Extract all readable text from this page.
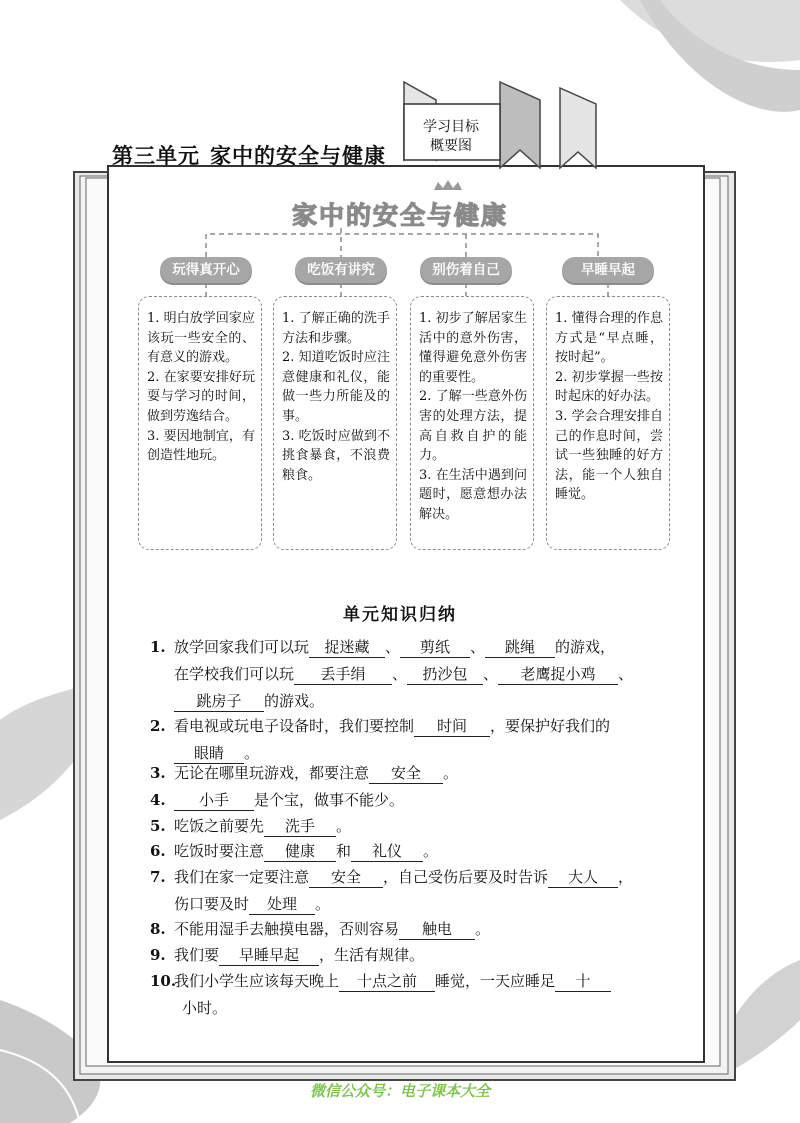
第三单元 家中的安全与健康
学习目标
概要图
家中的安全与健康
玩得真开心	吃饭有讲究	别伤着自己	早睡早起

1. 明白放学回家应该玩一些安全的、有意义的游戏。

2. 在家要安排好玩耍与学习的时间，做到劳逸结合。

3. 要因地制宜，有创造性地玩。

1. 了解正确的洗手方法和步骤。

2. 知道吃饭时应注意健康和礼仪，能做一些力所能及的事。

3. 吃饭时应做到不挑食暴食，不浪费粮食。

1. 初步了解居家生活中的意外伤害，懂得避免意外伤害的重要性。

2. 了解一些意外伤害的处理方法，提高自救自护的能力。

3. 在生活中遇到问题时，愿意想办法解决。

1. 懂得合理的作息方式是“早点睡，按时起”。

2. 初步掌握一些按时起床的好办法。

3. 学会合理安排自己的作息时间，尝试一些独睡的好方法，能一个人独自睡觉。

单元知识归纳
1. 放学回家我们可以玩 捉迷藏 、 剪纸 、 跳绳 的游戏，
在学校我们可以玩 丢手绢 、 扔沙包 、 老鹰捉小鸡 、
跳房子 的游戏。
2. 看电视或玩电子设备时，我们要控制 时间 ，要保护好我们的
眼睛 。
3. 无论在哪里玩游戏，都要注意 安全 。
4. 小手 是个宝，做事不能少。
5. 吃饭之前要先 洗手 。
6. 吃饭时要注意 健康 和 礼仪 。
7. 我们在家一定要注意 安全 ，自己受伤后要及时告诉 大人 ，
伤口要及时 处理 。
8. 不能用湿手去触摸电器，否则容易 触电 。
9. 我们要 早睡早起 ，生活有规律。
10.我们小学生应该每天晚上 十点之前 睡觉，一天应睡足 十
小时。
微信公众号：电子课本大全
